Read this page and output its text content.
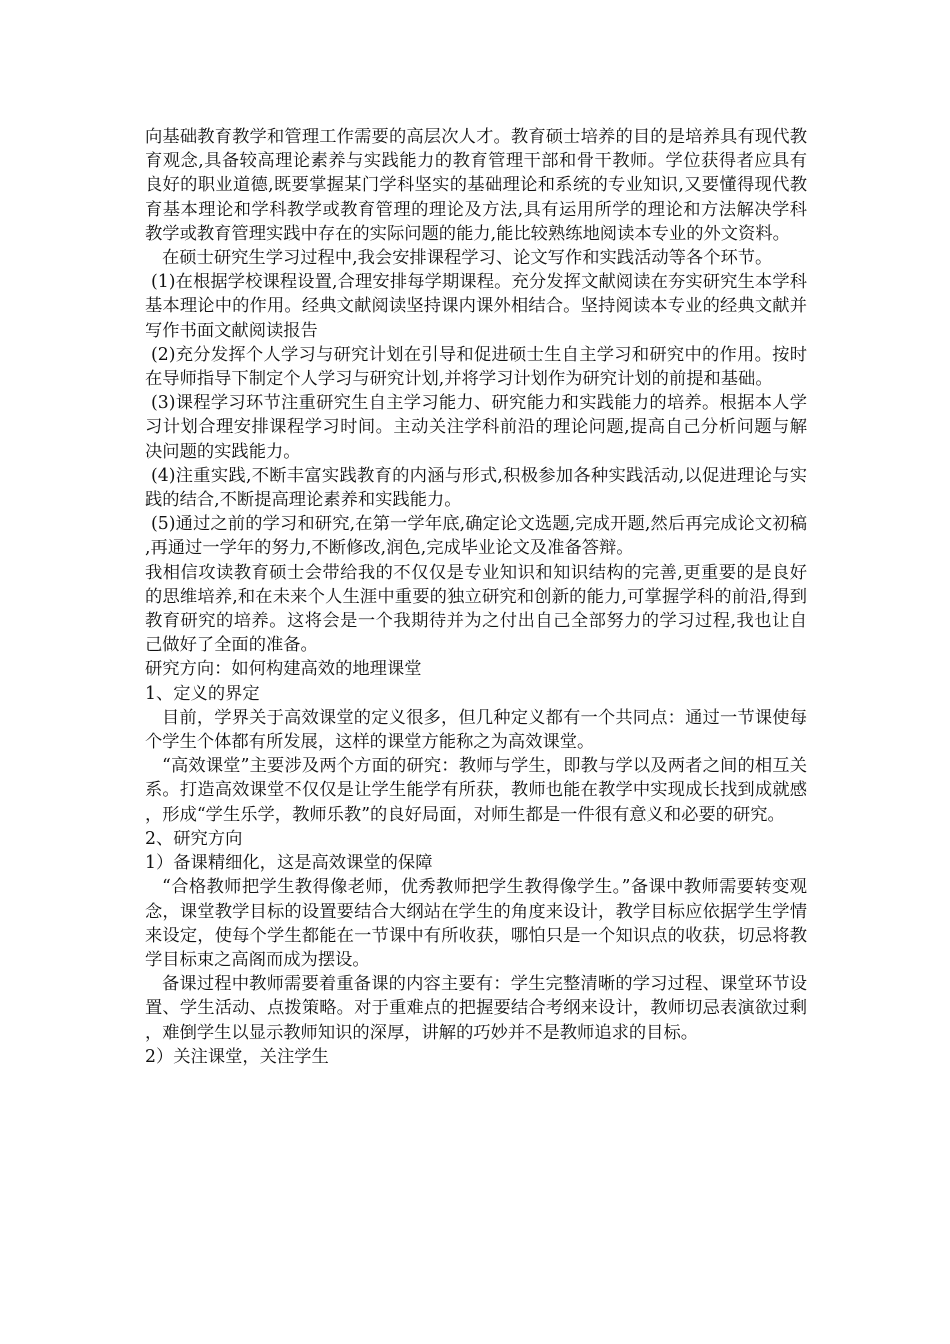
向基础教育教学和管理工作需要的高层次人才。教育硕士培养的目的是培养具有现代教育观念,具备较高理论素养与实践能力的教育管理干部和骨干教师。学位获得者应具有良好的职业道德,既要掌握某门学科坚实的基础理论和系统的专业知识,又要懂得现代教育基本理论和学科教学或教育管理的理论及方法,具有运用所学的理论和方法解决学科教学或教育管理实践中存在的实际问题的能力,能比较熟练地阅读本专业的外文资料。

在硕士研究生学习过程中,我会安排课程学习、论文写作和实践活动等各个环节。

(1)在根据学校课程设置,合理安排每学期课程。充分发挥文献阅读在夯实研究生本学科基本理论中的作用。经典文献阅读坚持课内课外相结合。坚持阅读本专业的经典文献并写作书面文献阅读报告

(2)充分发挥个人学习与研究计划在引导和促进硕士生自主学习和研究中的作用。按时在导师指导下制定个人学习与研究计划,并将学习计划作为研究计划的前提和基础。

(3)课程学习环节注重研究生自主学习能力、研究能力和实践能力的培养。根据本人学习计划合理安排课程学习时间。主动关注学科前沿的理论问题,提高自己分析问题与解决问题的实践能力。

(4)注重实践,不断丰富实践教育的内涵与形式,积极参加各种实践活动,以促进理论与实践的结合,不断提高理论素养和实践能力。

(5)通过之前的学习和研究,在第一学年底,确定论文选题,完成开题,然后再完成论文初稿,再通过一学年的努力,不断修改,润色,完成毕业论文及准备答辩。

我相信攻读教育硕士会带给我的不仅仅是专业知识和知识结构的完善,更重要的是良好的思维培养,和在未来个人生涯中重要的独立研究和创新的能力,可掌握学科的前沿,得到教育研究的培养。这将会是一个我期待并为之付出自己全部努力的学习过程,我也让自己做好了全面的准备。

研究方向：如何构建高效的地理课堂

1、定义的界定

目前，学界关于高效课堂的定义很多，但几种定义都有一个共同点：通过一节课使每个学生个体都有所发展，这样的课堂方能称之为高效课堂。

“高效课堂”主要涉及两个方面的研究：教师与学生，即教与学以及两者之间的相互关系。打造高效课堂不仅仅是让学生能学有所获，教师也能在教学中实现成长找到成就感，形成“学生乐学，教师乐教”的良好局面，对师生都是一件很有意义和必要的研究。

2、研究方向

1）备课精细化，这是高效课堂的保障

“合格教师把学生教得像老师，优秀教师把学生教得像学生。”备课中教师需要转变观念，课堂教学目标的设置要结合大纲站在学生的角度来设计，教学目标应依据学生学情来设定，使每个学生都能在一节课中有所收获，哪怕只是一个知识点的收获，切忌将教学目标束之高阁而成为摆设。

备课过程中教师需要着重备课的内容主要有：学生完整清晰的学习过程、课堂环节设置、学生活动、点拨策略。对于重难点的把握要结合考纲来设计，教师切忌表演欲过剩，难倒学生以显示教师知识的深厚，讲解的巧妙并不是教师追求的目标。

2）关注课堂，关注学生
